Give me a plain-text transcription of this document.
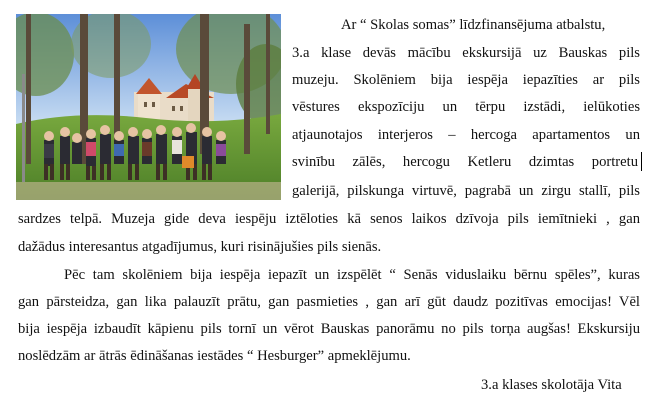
Ar “ Skolas somas” līdzfinansējuma atbalstu,
3.a klase devās mācību ekskursijā uz Bauskas pils
muzeju. Skolēniem bija iespēja iepazīties ar pils
vēstures ekspozīciju un tērpu izstādi, ielūkoties
atjaunotajos interjeros – hercoga apartamentos un
svinību zālēs, hercogu Ketleru dzimtas portretu
galerijā, pilskunga virtuvē, pagrabā un zirgu stallī, pils
sardzes telpā. Muzeja gide deva iespēju iztēloties kā senos laikos dzīvoja pils iemītnieki , gan
dažādus interesantus atgadījumus, kuri risinājušies pils sienās.
Pēc tam skolēniem bija iespēja iepazīt un izspēlēt “ Senās viduslaiku bērnu spēles”, kuras
gan pārsteidza, gan lika palauzīt prātu, gan pasmieties , gan arī gūt daudz pozitīvas emocijas! Vēl
bija iespēja izbaudīt kāpienu pils tornī un vērot Bauskas panorāmu no pils torņa augšas! Ekskursiju
noslēdzām ar ātrās ēdināšanas iestādes “ Hesburger” apmeklējumu.
3.a klases skolotāja Vita
